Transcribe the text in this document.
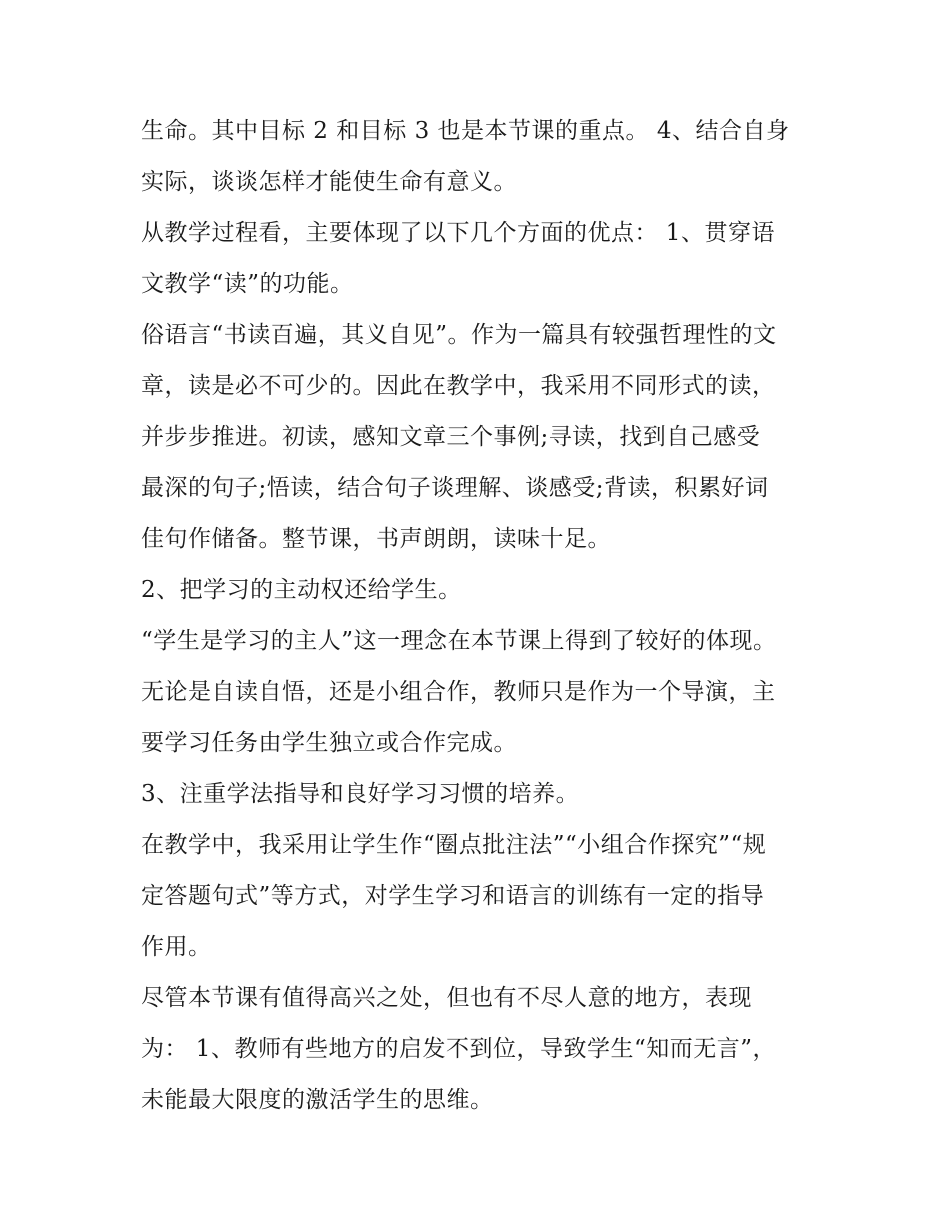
生命。其中目标 2 和目标 3 也是本节课的重点。 4、结合自身
实际，谈谈怎样才能使生命有意义。
从教学过程看，主要体现了以下几个方面的优点： 1、贯穿语
文教学“读”的功能。
俗语言“书读百遍，其义自见”。作为一篇具有较强哲理性的文
章，读是必不可少的。因此在教学中，我采用不同形式的读，
并步步推进。初读，感知文章三个事例;寻读，找到自己感受
最深的句子;悟读，结合句子谈理解、谈感受;背读，积累好词
佳句作储备。整节课，书声朗朗，读味十足。
2、把学习的主动权还给学生。
“学生是学习的主人”这一理念在本节课上得到了较好的体现。
无论是自读自悟，还是小组合作，教师只是作为一个导演，主
要学习任务由学生独立或合作完成。
3、注重学法指导和良好学习习惯的培养。
在教学中，我采用让学生作“圈点批注法”“小组合作探究”“规
定答题句式”等方式，对学生学习和语言的训练有一定的指导
作用。
尽管本节课有值得高兴之处，但也有不尽人意的地方，表现
为： 1、教师有些地方的启发不到位，导致学生“知而无言”，
未能最大限度的激活学生的思维。
